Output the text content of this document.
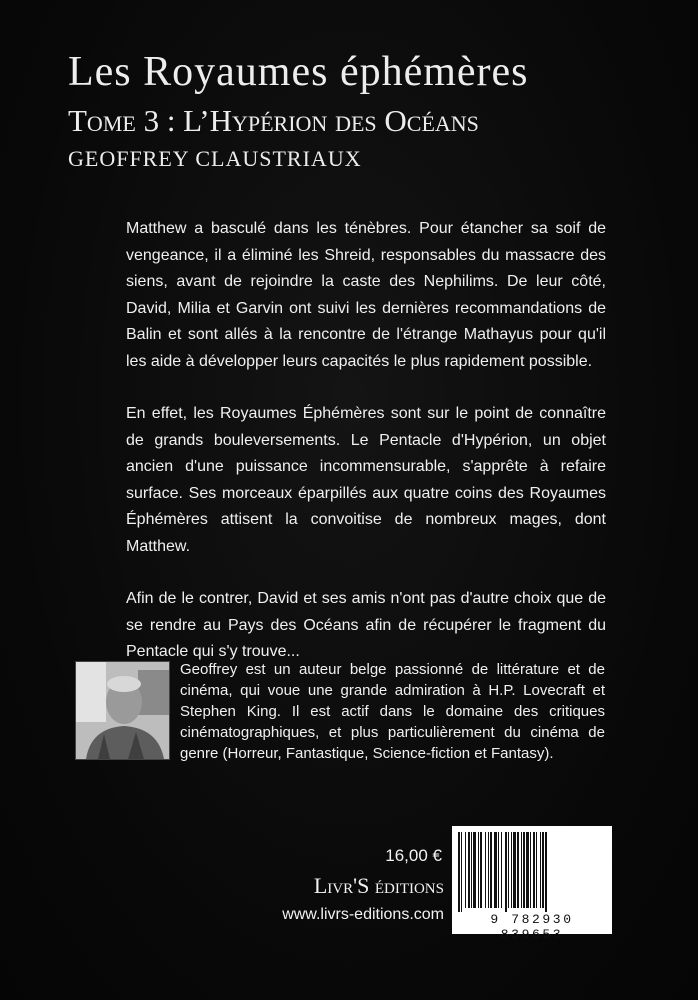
Les Royaumes éphémères
Tome 3 : L’Hypérion des Océans
GEOFFREY CLAUSTRIAUX

Matthew a basculé dans les ténèbres. Pour étancher sa soif de vengeance, il a éliminé les Shreid, responsables du massacre des siens, avant de rejoindre la caste des Nephilims. De leur côté, David, Milia et Garvin ont suivi les dernières recommandations de Balin et sont allés à la rencontre de l'étrange Mathayus pour qu'il les aide à développer leurs capacités le plus rapidement possible.

En effet, les Royaumes Éphémères sont sur le point de connaître de grands bouleversements. Le Pentacle d'Hypérion, un objet ancien d'une puissance incommensurable, s'apprête à refaire surface. Ses morceaux éparpillés aux quatre coins des Royaumes Éphémères attisent la convoitise de nombreux mages, dont Matthew.

Afin de le contrer, David et ses amis n'ont pas d'autre choix que de se rendre au Pays des Océans afin de récupérer le fragment du Pentacle qui s'y trouve...

Geoffrey est un auteur belge passionné de littérature et de cinéma, qui voue une grande admiration à H.P. Lovecraft et Stephen King. Il est actif dans le domaine des critiques cinématographiques, et plus particulièrement du cinéma de genre (Horreur, Fantastique, Science-fiction et Fantasy).
16,00 €
Livr'S éditions
www.livrs-editions.com	9 782930 839653
